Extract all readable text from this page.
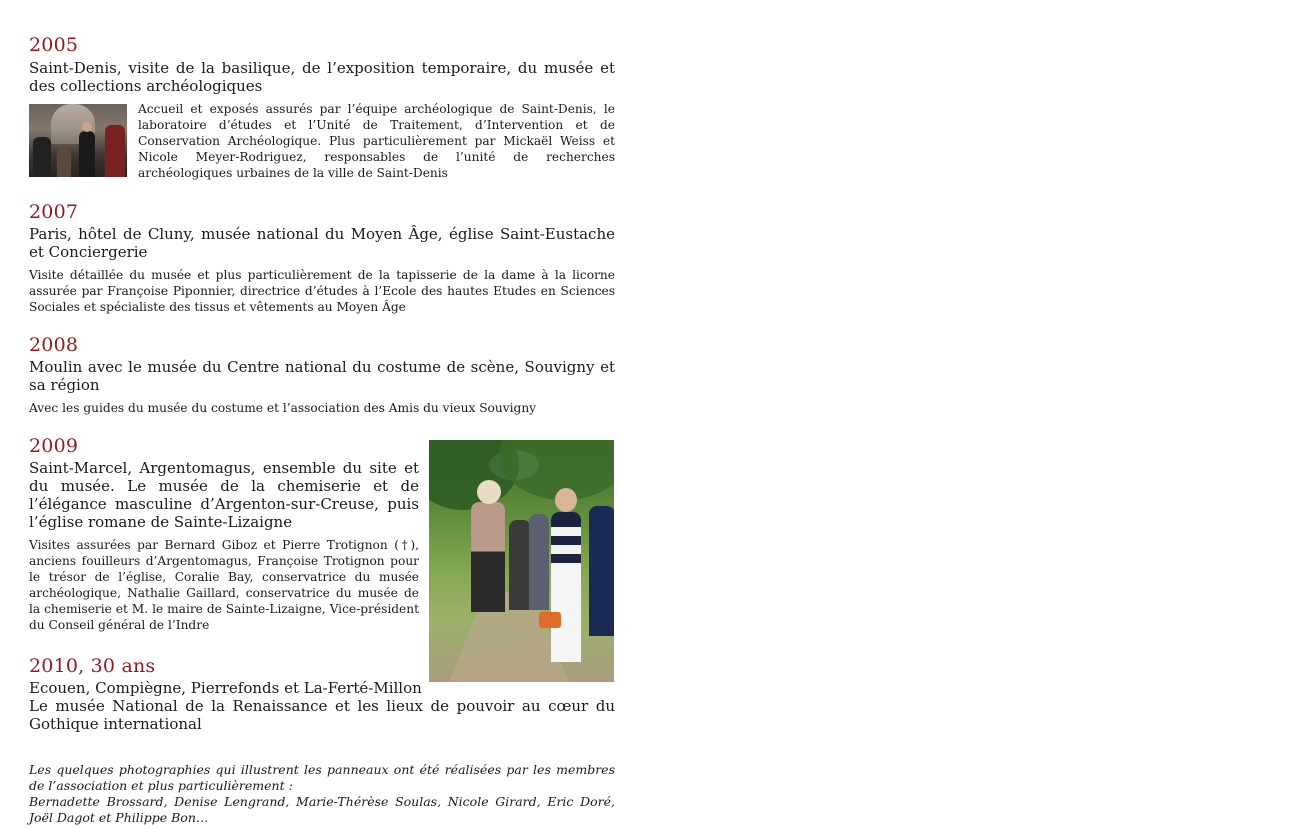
2005

Saint-Denis, visite de la basilique, de l’exposition temporaire, du musée et des collections archéologiques

Accueil et exposés assurés par l’équipe archéologique de Saint-Denis, le laboratoire d’études et l’Unité de Traitement, d’Intervention et de Conservation Archéologique. Plus particulièrement par Mickaël Weiss et Nicole Meyer-Rodriguez, responsables de l’unité de recherches archéologiques urbaines de la ville de Saint-Denis

2007

Paris, hôtel de Cluny, musée national du Moyen Âge, église Saint-Eustache et Conciergerie

Visite détaillée du musée et plus particulièrement de la tapisserie de la dame à la licorne assurée par Françoise Piponnier, directrice d’études à l’Ecole des hautes Etudes en Sciences Sociales et spécialiste des tissus et vêtements au Moyen Âge

2008

Moulin avec le musée du Centre national du costume de scène, Souvigny et sa région

Avec les guides du musée du costume et l’association des Amis du vieux Souvigny

2009

Saint-Marcel, Argentomagus, ensemble du site et du musée. Le musée de la chemiserie et de l’élégance masculine d’Argenton-sur-Creuse, puis l’église romane de Sainte-Lizaigne

Visites assurées par Bernard Giboz et Pierre Trotignon (†), anciens fouilleurs d’Argentomagus, Françoise Trotignon pour le trésor de l’église, Coralie Bay, conservatrice du musée archéologique, Nathalie Gaillard, conservatrice du musée de la chemiserie et M. le maire de Sainte-Lizaigne, Vice-président du Conseil général de l’Indre

2010, 30 ans

Ecouen, Compiègne, Pierrefonds et La-Ferté-Millon

Le musée National de la Renaissance et les lieux de pouvoir au cœur du Gothique international

Les quelques photographies qui illustrent les panneaux ont été réalisées par les membres de l’association et plus particulièrement :
Bernadette Brossard, Denise Lengrand, Marie-Thérèse Soulas, Nicole Girard, Eric Doré, Joël Dagot et Philippe Bon…
